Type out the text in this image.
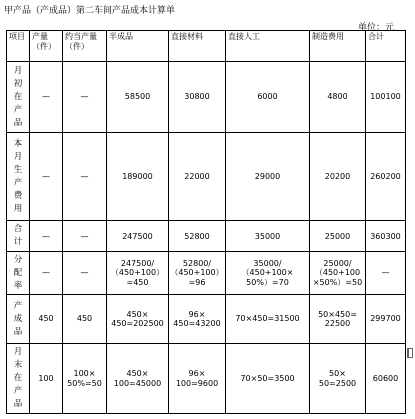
甲产品（产成品）第二车间产品成本计算单
单位：元
项目	产量（件）	约当产量（件）	半成品	直接材料	直接人工	制造费用	合计
月初在产品	—	—	58500	30800	6000	4800	100100
本月生产费用	—	—	189000	22000	29000	20200	260200
合计	—	—	247500	52800	35000	25000	360300
分配率	—	—	247500/
（450+100）
=450	52800/
（450+100）
=96	35000/
（450+100×
50%）=70	25000/
（450+100
×50%）=50	—
产成品	450	450	450×
450=202500	96×
450=43200	70×450=31500	50×450=
22500	299700
月末在产品	100	100×
50%=50	450×
100=45000	96×
100=9600	70×50=3500	50×
50=2500	60600
